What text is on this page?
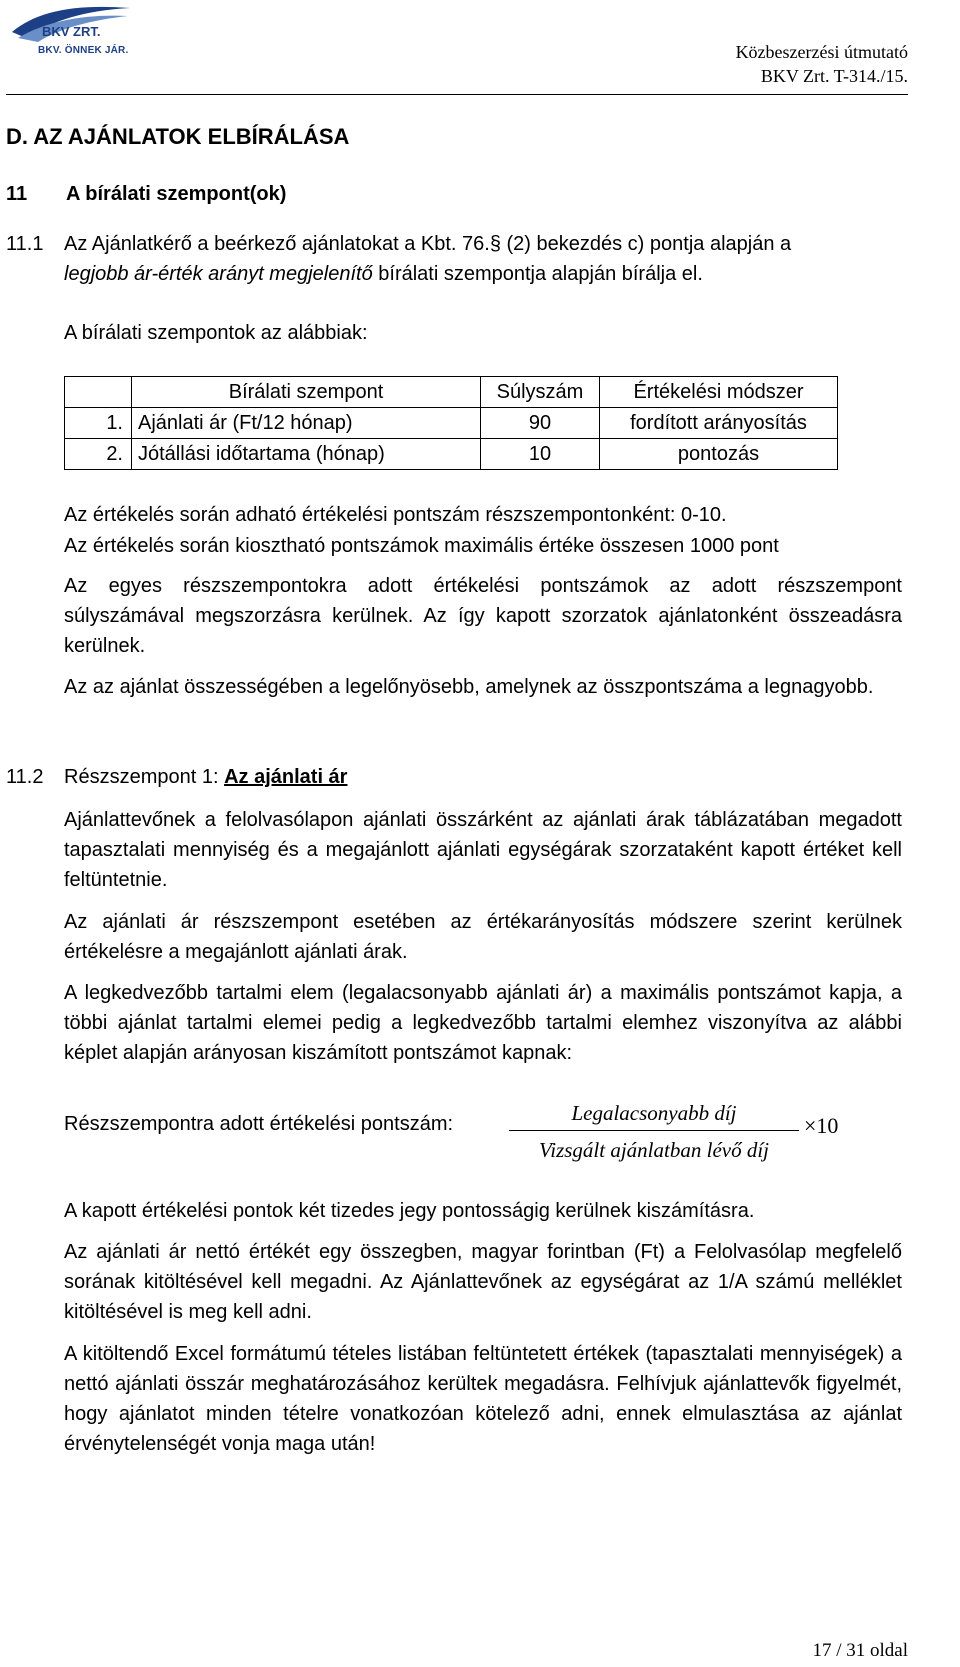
BKV ZRT.
BKV. ÖNNEK JÁR.	Közbeszerzési útmutató
BKV Zrt. T-314./15.
D. AZ AJÁNLATOK ELBÍRÁLÁSA
11 A bírálati szempont(ok)
11.1 Az Ajánlatkérő a beérkező ajánlatokat a Kbt. 76.§ (2) bekezdés c) pontja alapján a
legjobb ár-érték arányt megjelenítő bírálati szempontja alapján bírálja el.
A bírálati szempontok az alábbiak:
	Bírálati szempont	Súlyszám	Értékelési módszer
1.	Ajánlati ár (Ft/12 hónap)	90	fordított arányosítás
2.	Jótállási időtartama (hónap)	10	pontozás
Az értékelés során adható értékelési pontszám részszempontonként: 0-10.
Az értékelés során kiosztható pontszámok maximális értéke összesen 1000 pont
Az egyes részszempontokra adott értékelési pontszámok az adott részszempont súlyszámával megszorzásra kerülnek. Az így kapott szorzatok ajánlatonként összeadásra kerülnek.
Az az ajánlat összességében a legelőnyösebb, amelynek az összpontszáma a legnagyobb.
11.2 Részszempont 1: Az ajánlati ár
Ajánlattevőnek a felolvasólapon ajánlati összárként az ajánlati árak táblázatában megadott tapasztalati mennyiség és a megajánlott ajánlati egységárak szorzataként kapott értéket kell feltüntetnie.
Az ajánlati ár részszempont esetében az értékarányosítás módszere szerint kerülnek értékelésre a megajánlott ajánlati árak.
A legkedvezőbb tartalmi elem (legalacsonyabb ajánlati ár) a maximális pontszámot kapja, a többi ajánlat tartalmi elemei pedig a legkedvezőbb tartalmi elemhez viszonyítva az alábbi képlet alapján arányosan kiszámított pontszámot kapnak:
Részszempontra adott értékelési pontszám:	Legalacsonyabb díj
Vizsgált ajánlatban lévő díj
×10
A kapott értékelési pontok két tizedes jegy pontosságig kerülnek kiszámításra.
Az ajánlati ár nettó értékét egy összegben, magyar forintban (Ft) a Felolvasólap megfelelő sorának kitöltésével kell megadni. Az Ajánlattevőnek az egységárat az 1/A számú melléklet kitöltésével is meg kell adni.
A kitöltendő Excel formátumú tételes listában feltüntetett értékek (tapasztalati mennyiségek) a nettó ajánlati összár meghatározásához kerültek megadásra. Felhívjuk ajánlattevők figyelmét, hogy ajánlatot minden tételre vonatkozóan kötelező adni, ennek elmulasztása az ajánlat érvénytelenségét vonja maga után!
17 / 31 oldal
